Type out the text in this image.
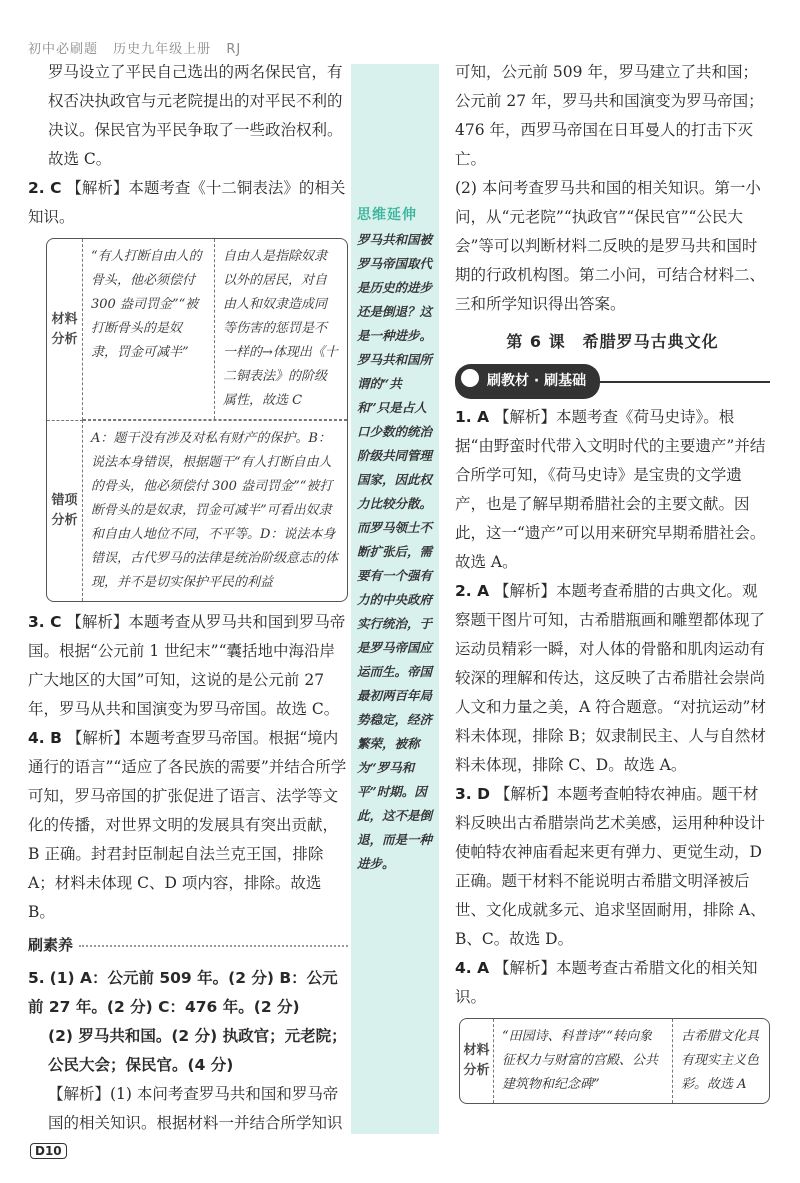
初中必刷题 历史九年级上册 RJ

罗马设立了平民自己选出的两名保民官，有权否决执政官与元老院提出的对平民不利的决议。保民官为平民争取了一些政治权利。故选 C。

2. C 【解析】本题考查《十二铜表法》的相关知识。

材料分析
“有人打断自由人的骨头，他必须偿付 300 盎司罚金”“被打断骨头的是奴隶，罚金可减半”
自由人是指除奴隶以外的居民，对自由人和奴隶造成同等伤害的惩罚是不一样的→体现出《十二铜表法》的阶级属性，故选 C
错项分析
A：题干没有涉及对私有财产的保护。B：说法本身错误，根据题干“有人打断自由人的骨头，他必须偿付 300 盎司罚金”“被打断骨头的是奴隶，罚金可减半”可看出奴隶和自由人地位不同，不平等。D：说法本身错误，古代罗马的法律是统治阶级意志的体现，并不是切实保护平民的利益

3. C 【解析】本题考查从罗马共和国到罗马帝国。根据“公元前 1 世纪末”“囊括地中海沿岸广大地区的大国”可知，这说的是公元前 27 年，罗马从共和国演变为罗马帝国。故选 C。

4. B 【解析】本题考查罗马帝国。根据“境内通行的语言”“适应了各民族的需要”并结合所学可知，罗马帝国的扩张促进了语言、法学等文化的传播，对世界文明的发展具有突出贡献，B 正确。封君封臣制起自法兰克王国，排除 A；材料未体现 C、D 项内容，排除。故选 B。

刷素养

5. (1) A：公元前 509 年。(2 分) B：公元前 27 年。(2 分) C：476 年。(2 分)

(2) 罗马共和国。(2 分) 执政官；元老院；公民大会；保民官。(4 分)

【解析】(1) 本问考查罗马共和国和罗马帝国的相关知识。根据材料一并结合所学知识

思维延伸
罗马共和国被罗马帝国取代是历史的进步还是倒退？这是一种进步。罗马共和国所谓的“共和”只是占人口少数的统治阶级共同管理国家，因此权力比较分散。而罗马领土不断扩张后，需要有一个强有力的中央政府实行统治，于是罗马帝国应运而生。帝国最初两百年局势稳定，经济繁荣，被称为“罗马和平”时期。因此，这不是倒退，而是一种进步。

可知，公元前 509 年，罗马建立了共和国；公元前 27 年，罗马共和国演变为罗马帝国；476 年，西罗马帝国在日耳曼人的打击下灭亡。

(2) 本问考查罗马共和国的相关知识。第一小问，从“元老院”“执政官”“保民官”“公民大会”等可以判断材料二反映的是罗马共和国时期的行政机构图。第二小问，可结合材料二、三和所学知识得出答案。

第 6 课　希腊罗马古典文化
刷教材 · 刷基础

1. A 【解析】本题考查《荷马史诗》。根据“由野蛮时代带入文明时代的主要遗产”并结合所学可知，《荷马史诗》是宝贵的文学遗产，也是了解早期希腊社会的主要文献。因此，这一“遗产”可以用来研究早期希腊社会。故选 A。

2. A 【解析】本题考查希腊的古典文化。观察题干图片可知，古希腊瓶画和雕塑都体现了运动员精彩一瞬，对人体的骨骼和肌肉运动有较深的理解和传达，这反映了古希腊社会崇尚人文和力量之美，A 符合题意。“对抗运动”材料未体现，排除 B；奴隶制民主、人与自然材料未体现，排除 C、D。故选 A。

3. D 【解析】本题考查帕特农神庙。题干材料反映出古希腊崇尚艺术美感，运用种种设计使帕特农神庙看起来更有弹力、更觉生动，D 正确。题干材料不能说明古希腊文明泽被后世、文化成就多元、追求坚固耐用，排除 A、B、C。故选 D。

4. A 【解析】本题考查古希腊文化的相关知识。

材料分析
“田园诗、科普诗”“转向象征权力与财富的宫殿、公共建筑物和纪念碑”
古希腊文化具有现实主义色彩。故选 A
D10
